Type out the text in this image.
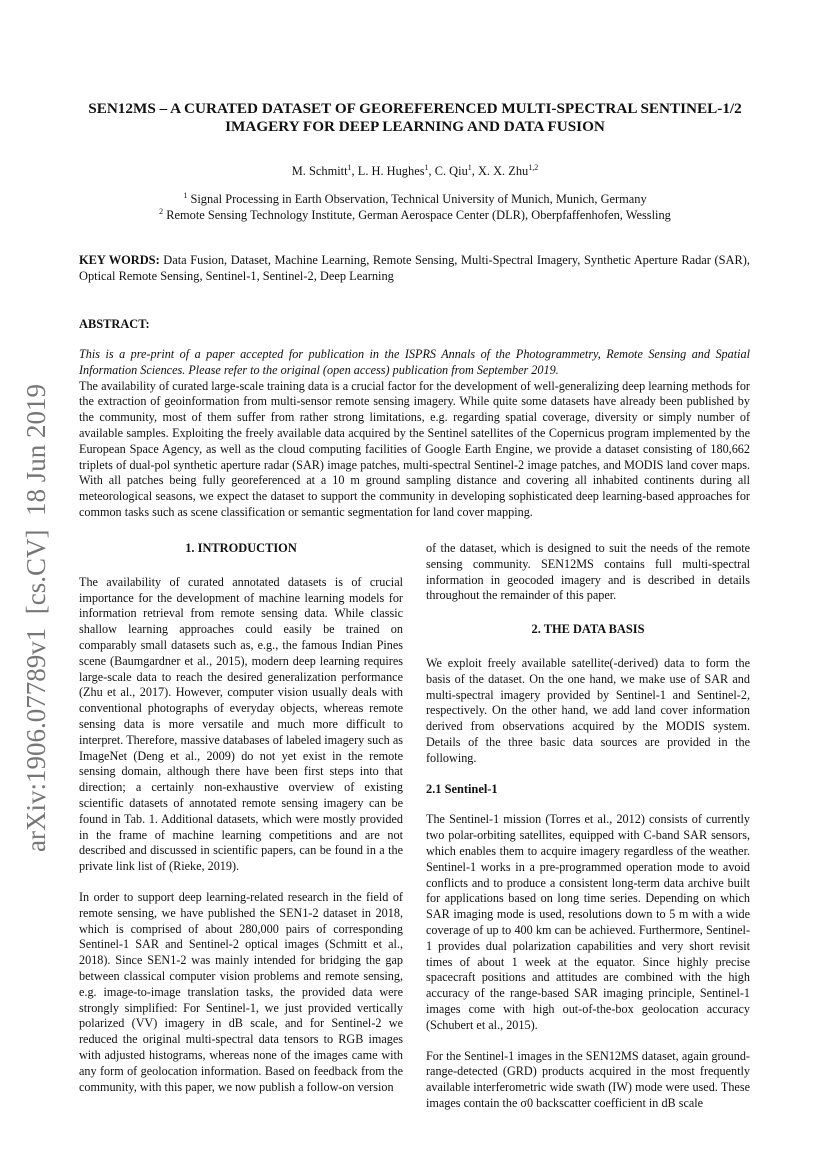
arXiv:1906.07789v1  [cs.CV]  18 Jun 2019
SEN12MS – A CURATED DATASET OF GEOREFERENCED MULTI-SPECTRAL SENTINEL-1/2 IMAGERY FOR DEEP LEARNING AND DATA FUSION
M. Schmitt$^1$, L. H. Hughes$^1$, C. Qiu$^1$, X. X. Zhu$^{1,2}$
$^1$ Signal Processing in Earth Observation, Technical University of Munich, Munich, Germany
$^2$ Remote Sensing Technology Institute, German Aerospace Center (DLR), Oberpfaffenhofen, Wessling
KEY WORDS: Data Fusion, Dataset, Machine Learning, Remote Sensing, Multi-Spectral Imagery, Synthetic Aperture Radar (SAR), Optical Remote Sensing, Sentinel-1, Sentinel-2, Deep Learning
ABSTRACT:

This is a pre-print of a paper accepted for publication in the ISPRS Annals of the Photogrammetry, Remote Sensing and Spatial Information Sciences. Please refer to the original (open access) publication from September 2019.

The availability of curated large-scale training data is a crucial factor for the development of well-generalizing deep learning methods for the extraction of geoinformation from multi-sensor remote sensing imagery. While quite some datasets have already been published by the community, most of them suffer from rather strong limitations, e.g. regarding spatial coverage, diversity or simply number of available samples. Exploiting the freely available data acquired by the Sentinel satellites of the Copernicus program implemented by the European Space Agency, as well as the cloud computing facilities of Google Earth Engine, we provide a dataset consisting of 180,662 triplets of dual-pol synthetic aperture radar (SAR) image patches, multi-spectral Sentinel-2 image patches, and MODIS land cover maps. With all patches being fully georeferenced at a 10 m ground sampling distance and covering all inhabited continents during all meteorological seasons, we expect the dataset to support the community in developing sophisticated deep learning-based approaches for common tasks such as scene classification or semantic segmentation for land cover mapping.

1. INTRODUCTION

The availability of curated annotated datasets is of crucial importance for the development of machine learning models for information retrieval from remote sensing data. While classic shallow learning approaches could easily be trained on comparably small datasets such as, e.g., the famous Indian Pines scene (Baumgardner et al., 2015), modern deep learning requires large-scale data to reach the desired generalization performance (Zhu et al., 2017). However, computer vision usually deals with conventional photographs of everyday objects, whereas remote sensing data is more versatile and much more difficult to interpret. Therefore, massive databases of labeled imagery such as ImageNet (Deng et al., 2009) do not yet exist in the remote sensing domain, although there have been first steps into that direction; a certainly non-exhaustive overview of existing scientific datasets of annotated remote sensing imagery can be found in Tab. 1. Additional datasets, which were mostly provided in the frame of machine learning competitions and are not described and discussed in scientific papers, can be found in a the private link list of (Rieke, 2019).

In order to support deep learning-related research in the field of remote sensing, we have published the SEN1-2 dataset in 2018, which is comprised of about 280,000 pairs of corresponding Sentinel-1 SAR and Sentinel-2 optical images (Schmitt et al., 2018). Since SEN1-2 was mainly intended for bridging the gap between classical computer vision problems and remote sensing, e.g. image-to-image translation tasks, the provided data were strongly simplified: For Sentinel-1, we just provided vertically polarized (VV) imagery in dB scale, and for Sentinel-2 we reduced the original multi-spectral data tensors to RGB images with adjusted histograms, whereas none of the images came with any form of geolocation information. Based on feedback from the community, with this paper, we now publish a follow-on version

of the dataset, which is designed to suit the needs of the remote sensing community. SEN12MS contains full multi-spectral information in geocoded imagery and is described in details throughout the remainder of this paper.

2. THE DATA BASIS

We exploit freely available satellite(-derived) data to form the basis of the dataset. On the one hand, we make use of SAR and multi-spectral imagery provided by Sentinel-1 and Sentinel-2, respectively. On the other hand, we add land cover information derived from observations acquired by the MODIS system. Details of the three basic data sources are provided in the following.

2.1 Sentinel-1

The Sentinel-1 mission (Torres et al., 2012) consists of currently two polar-orbiting satellites, equipped with C-band SAR sensors, which enables them to acquire imagery regardless of the weather. Sentinel-1 works in a pre-programmed operation mode to avoid conflicts and to produce a consistent long-term data archive built for applications based on long time series. Depending on which SAR imaging mode is used, resolutions down to 5 m with a wide coverage of up to 400 km can be achieved. Furthermore, Sentinel-1 provides dual polarization capabilities and very short revisit times of about 1 week at the equator. Since highly precise spacecraft positions and attitudes are combined with the high accuracy of the range-based SAR imaging principle, Sentinel-1 images come with high out-of-the-box geolocation accuracy (Schubert et al., 2015).

For the Sentinel-1 images in the SEN12MS dataset, again ground-range-detected (GRD) products acquired in the most frequently available interferometric wide swath (IW) mode were used. These images contain the σ0 backscatter coefficient in dB scale
